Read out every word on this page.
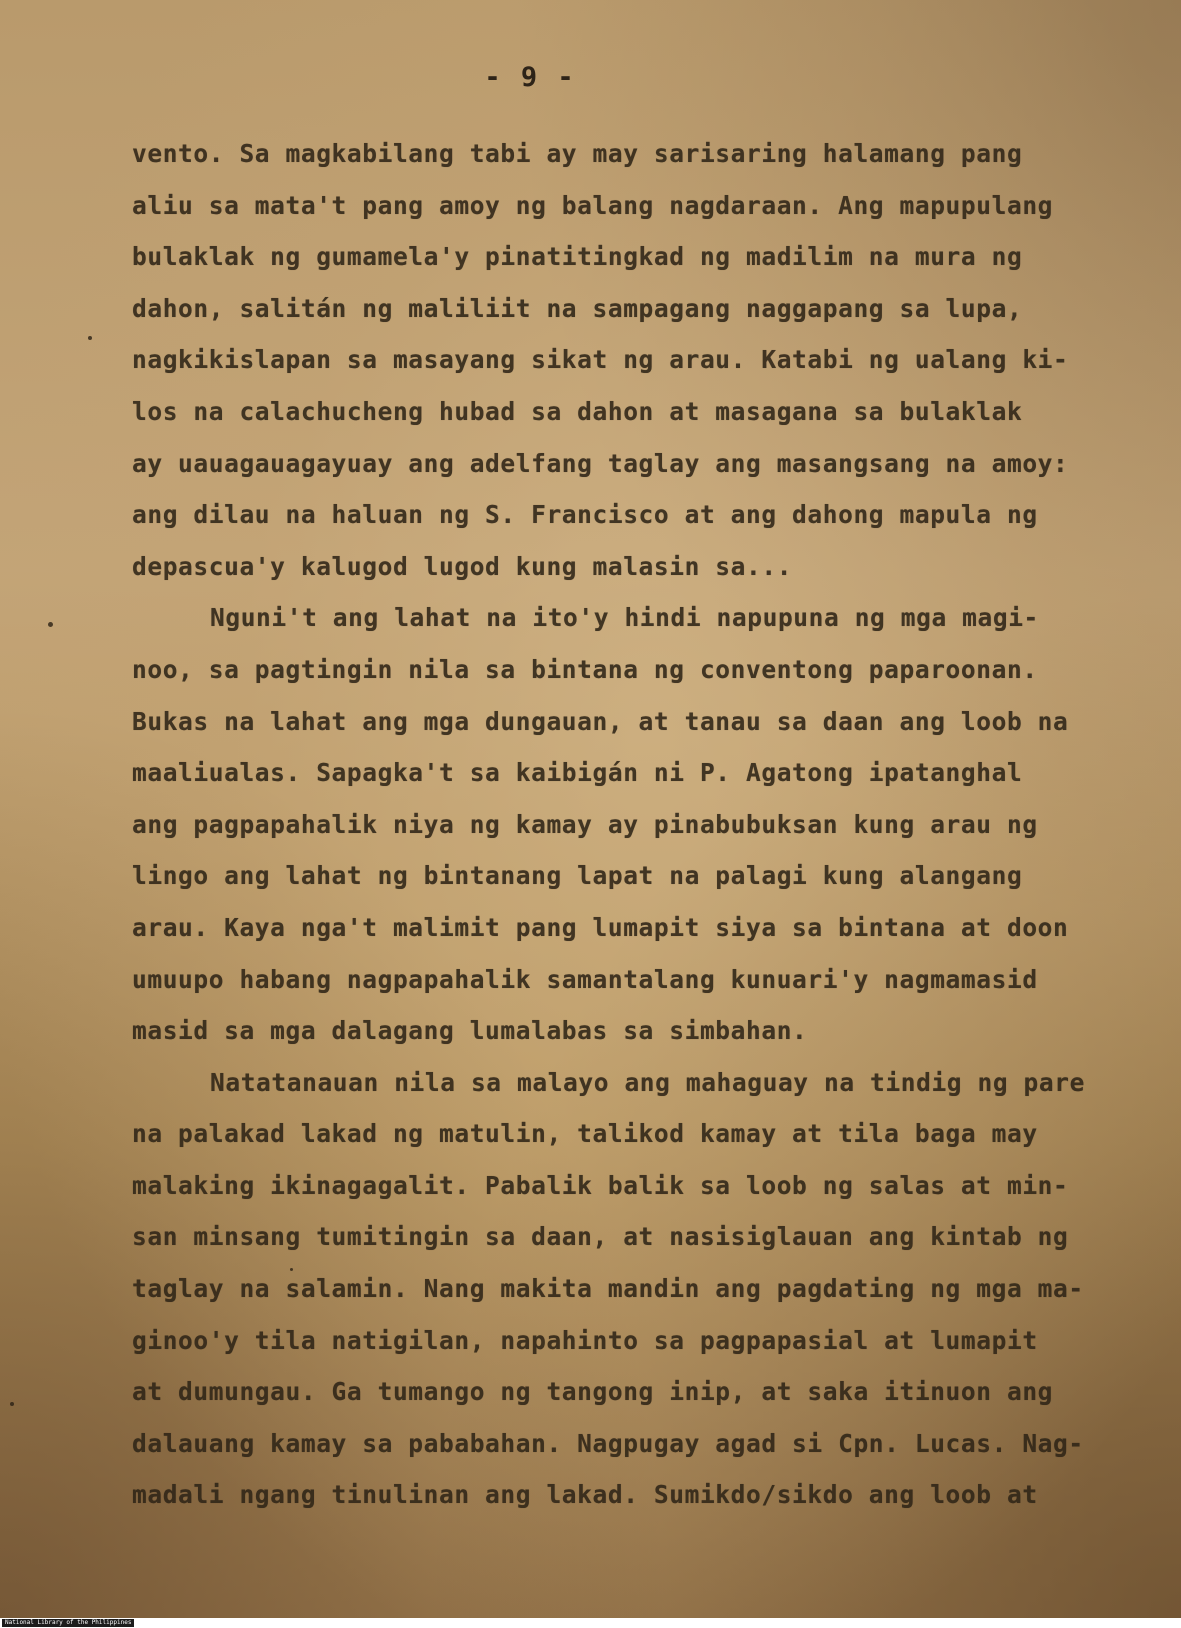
- 9 -
vento. Sa magkabilang tabi ay may sarisaring halamang pang
aliu sa mata't pang amoy ng balang nagdaraan. Ang mapupulang
bulaklak ng gumamela'y pinatitingkad ng madilim na mura ng
dahon, salitán ng maliliit na sampagang naggapang sa lupa,
nagkikislapan sa masayang sikat ng arau. Katabi ng ualang ki-
los na calachucheng hubad sa dahon at masagana sa bulaklak
ay uauagauagayuay ang adelfang taglay ang masangsang na amoy:
ang dilau na haluan ng S. Francisco at ang dahong mapula ng
depascua'y kalugod lugod kung malasin sa...
Nguni't ang lahat na ito'y hindi napupuna ng mga magi-
noo, sa pagtingin nila sa bintana ng conventong paparoonan.
Bukas na lahat ang mga dungauan, at tanau sa daan ang loob na
maaliualas. Sapagka't sa kaibigán ni P. Agatong ipatanghal
ang pagpapahalik niya ng kamay ay pinabubuksan kung arau ng
lingo ang lahat ng bintanang lapat na palagi kung alangang
arau. Kaya nga't malimit pang lumapit siya sa bintana at doon
umuupo habang nagpapahalik samantalang kunuari'y nagmamasid
masid sa mga dalagang lumalabas sa simbahan.
Natatanauan nila sa malayo ang mahaguay na tindig ng pare
na palakad lakad ng matulin, talikod kamay at tila baga may
malaking ikinagagalit. Pabalik balik sa loob ng salas at min-
san minsang tumitingin sa daan, at nasisiglauan ang kintab ng
taglay na salamin. Nang makita mandin ang pagdating ng mga ma-
ginoo'y tila natigilan, napahinto sa pagpapasial at lumapit
at dumungau. Ga tumango ng tangong inip, at saka itinuon ang
dalauang kamay sa pababahan. Nagpugay agad si Cpn. Lucas. Nag-
madali ngang tinulinan ang lakad. Sumikdo/sikdo ang loob at
National Library of the Philippines
